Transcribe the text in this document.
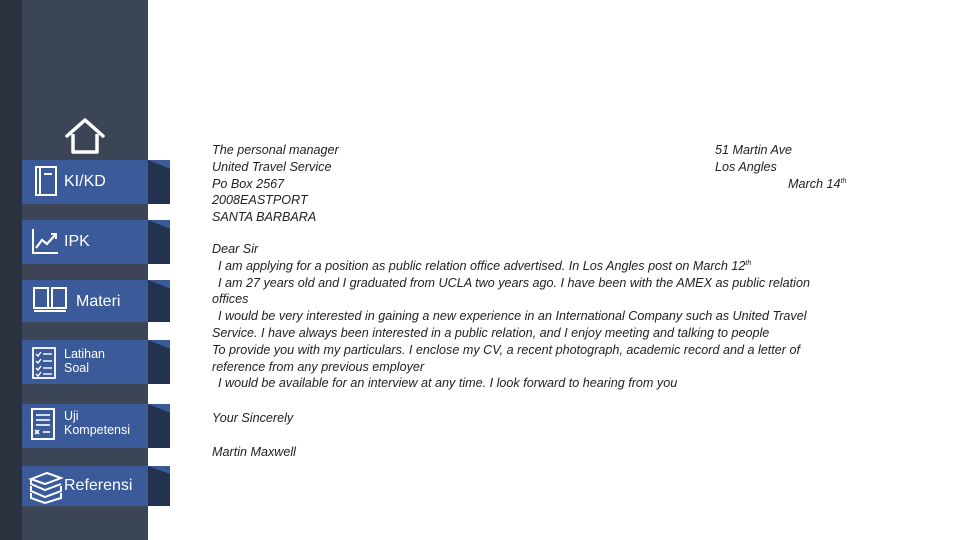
KI/KD
IPK
Materi
Latihan
Soal
Uji
Kompetensi
Referensi
The personal manager
United Travel Service
Po Box 2567
2008EASTPORT
SANTA BARBARA
51 Martin Ave
Los Angles
March 14th
Dear Sir
I am applying for a position as public relation office advertised. In Los Angles post on March 12th
I am 27 years old and I graduated from UCLA two years ago. I have been with the AMEX as public relation
offices
I would be very interested in gaining a new experience in an International Company such as United Travel
Service. I have always been interested in a public relation, and I enjoy meeting and talking to people
To provide you with my particulars. I enclose my CV, a recent photograph, academic record and a letter of
reference from any previous employer
I would be available for an interview at any time. I look forward to hearing from you
Your Sincerely
Martin Maxwell
